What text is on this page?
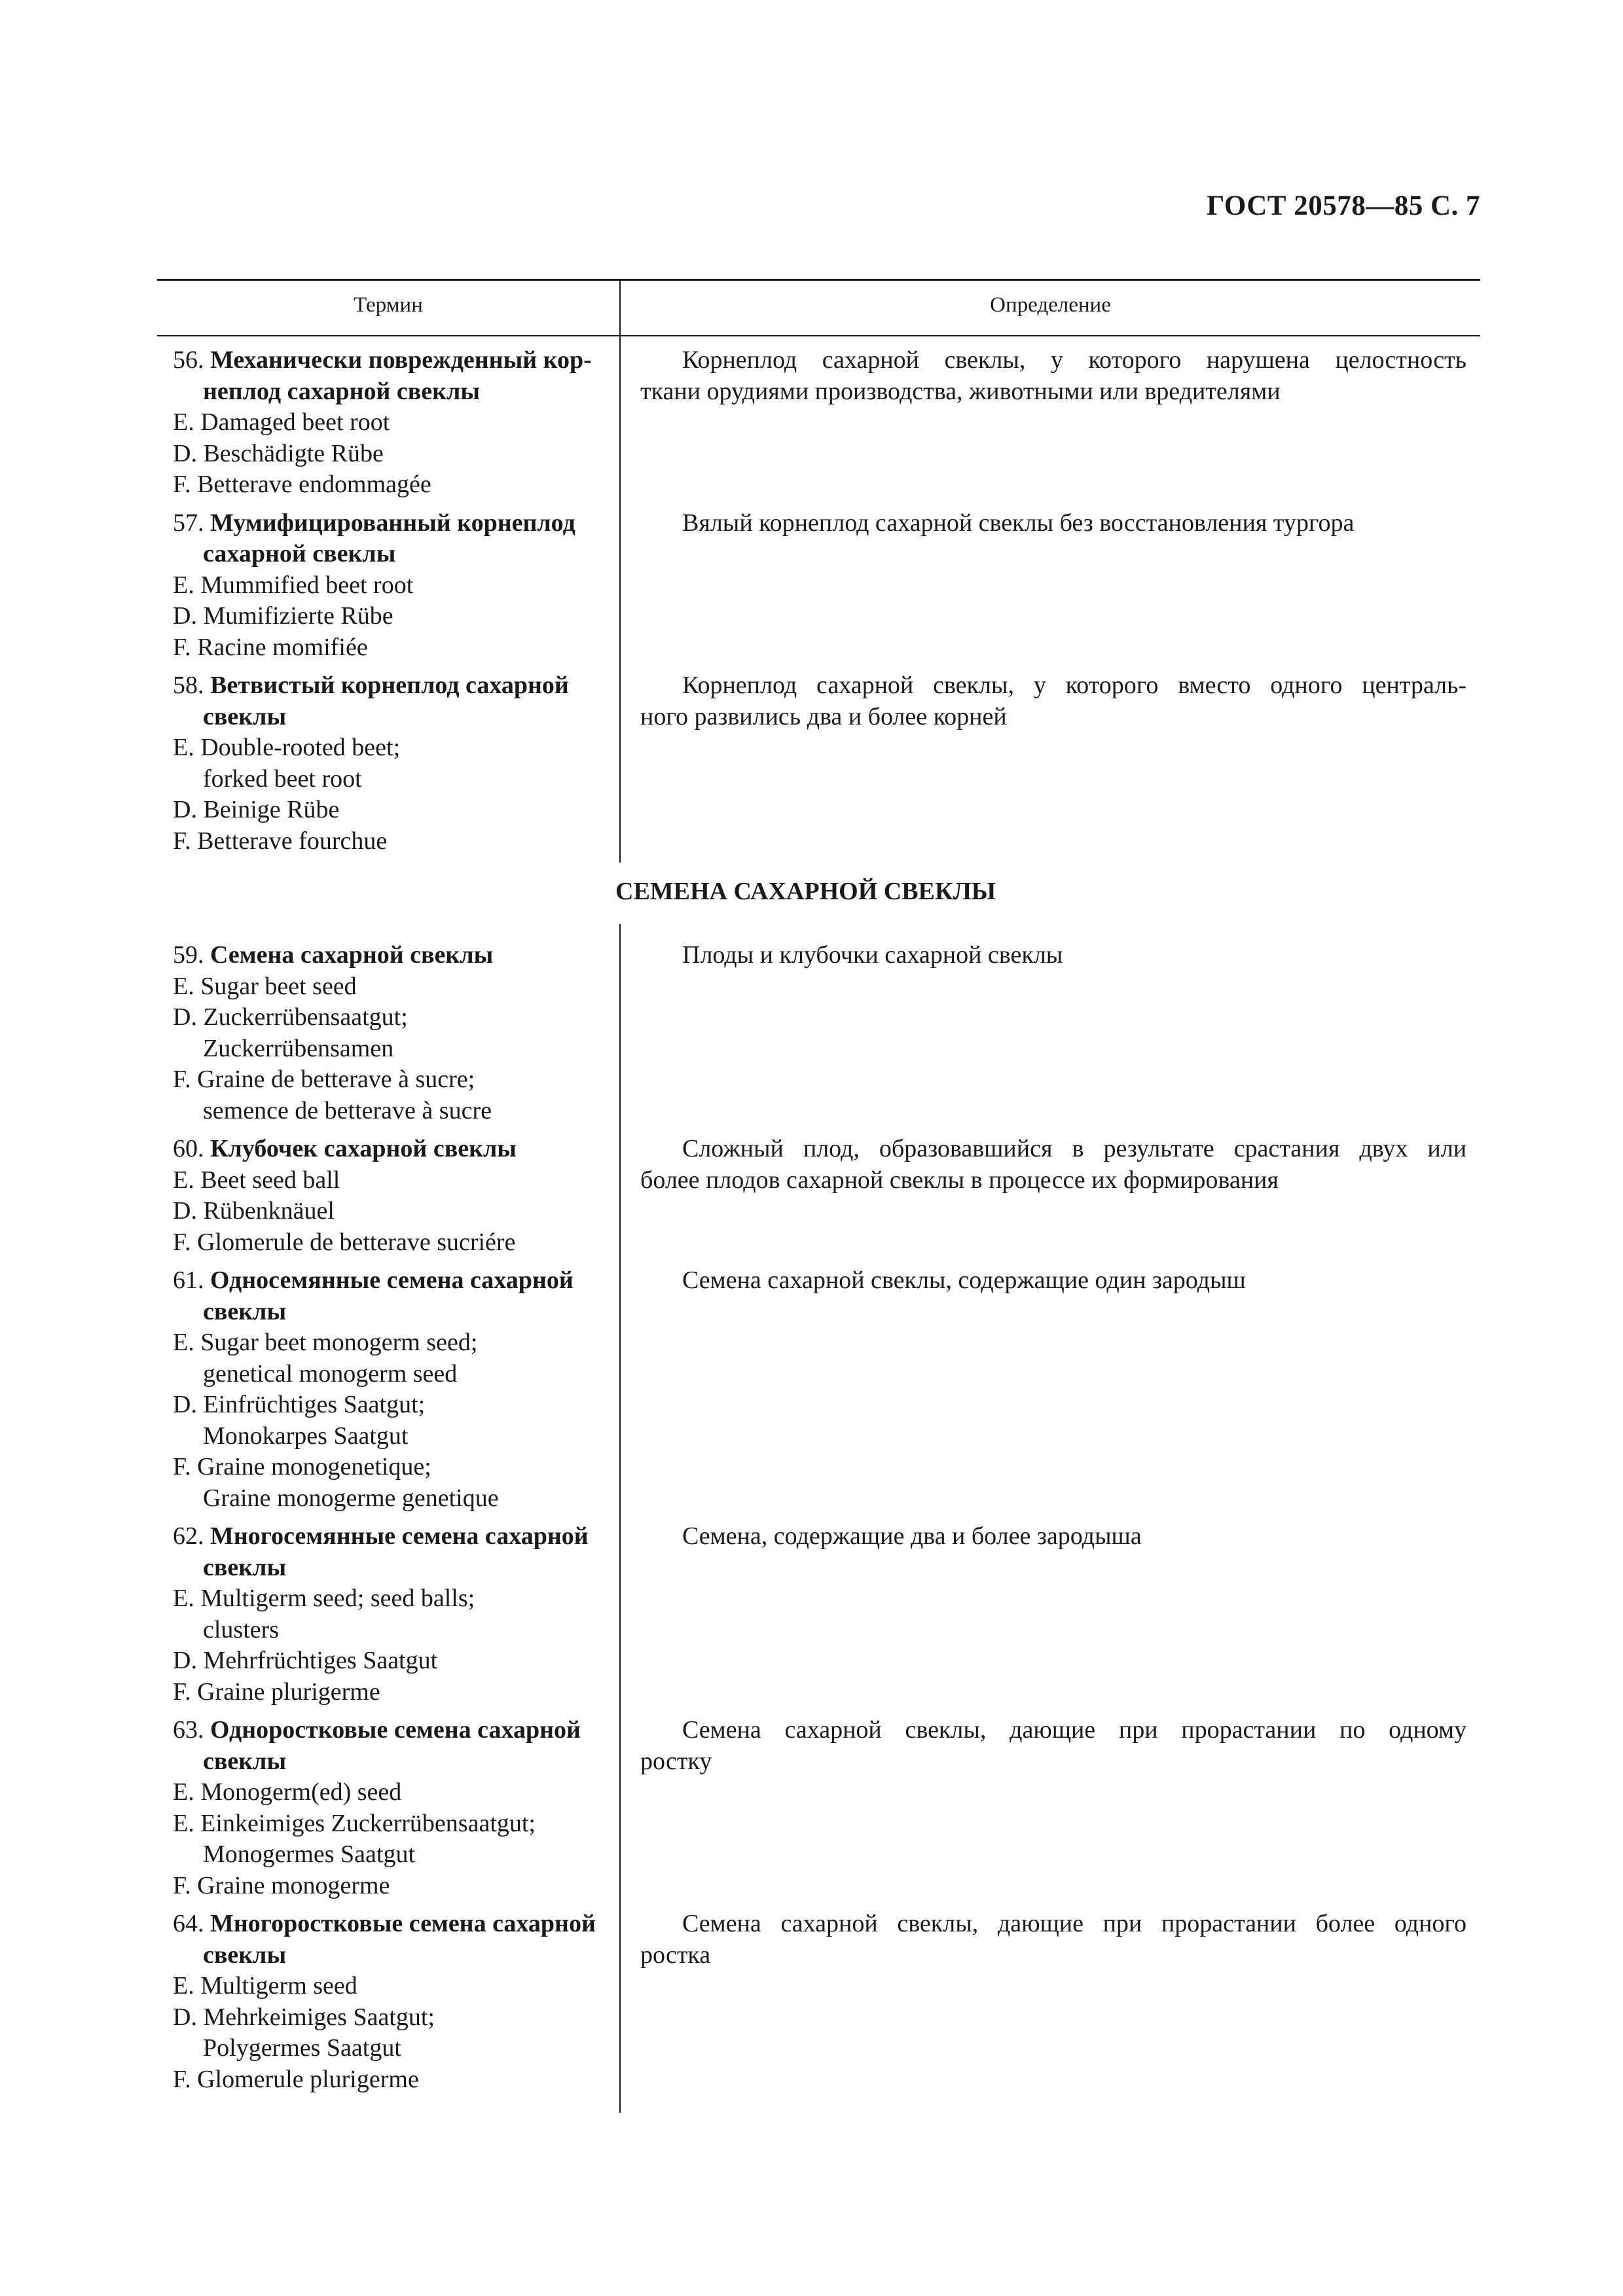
ГОСТ 20578—85 С. 7
Термин	Определение
СЕМЕНА САХАРНОЙ СВЕКЛЫ
56. Механически поврежденный кор-
неплод сахарной свеклы
E. Damaged beet root
D. Beschädigte Rübe
F. Betterave endommagée
57. Мумифицированный корнеплод
сахарной свеклы
E. Mummified beet root
D. Mumifizierte Rübe
F. Racine momifiée
58. Ветвистый корнеплод сахарной
свеклы
E. Double-rooted beet;
forked beet root
D. Beinige Rübe
F. Betterave fourchue
59. Семена сахарной свеклы
E. Sugar beet seed
D. Zuckerrübensaatgut;
Zuckerrübensamen
F. Graine de betterave à sucre;
semence de betterave à sucre
60. Клубочек сахарной свеклы
E. Beet seed ball
D. Rübenknäuel
F. Glomerule de betterave sucriére
61. Односемянные семена сахарной
свеклы
E. Sugar beet monogerm seed;
genetical monogerm seed
D. Einfrüchtiges Saatgut;
Monokarpes Saatgut
F. Graine monogenetique;
Graine monogerme genetique
62. Многосемянные семена сахарной
свеклы
E. Multigerm seed; seed balls;
clusters
D. Mehrfrüchtiges Saatgut
F. Graine plurigerme
63. Одноростковые семена сахарной
свеклы
E. Monogerm(ed) seed
E. Einkeimiges Zuckerrübensaatgut;
Monogermes Saatgut
F. Graine monogerme
64. Многоростковые семена сахарной
свеклы
E. Multigerm seed
D. Mehrkeimiges Saatgut;
Polygermes Saatgut
F. Glomerule plurigerme
Корнеплод сахарной свеклы, у которого нарушена целостность
ткани орудиями производства, животными или вредителями
Вялый корнеплод сахарной свеклы без восстановления тургора
Корнеплод сахарной свеклы, у которого вместо одного централь-
ного развились два и более корней
Плоды и клубочки сахарной свеклы
Сложный плод, образовавшийся в результате срастания двух или
более плодов сахарной свеклы в процессе их формирования
Семена сахарной свеклы, содержащие один зародыш
Семена, содержащие два и более зародыша
Семена сахарной свеклы, дающие при прорастании по одному
ростку
Семена сахарной свеклы, дающие при прорастании более одного
ростка
